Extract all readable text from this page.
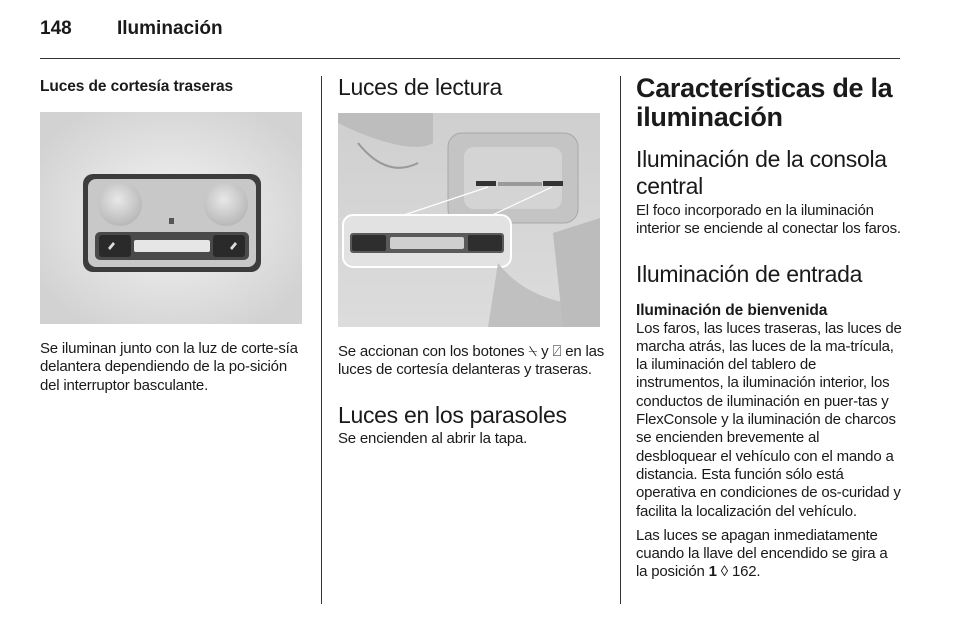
148 Iluminación
Luces de cortesía traseras

Se iluminan junto con la luz de corte-sía delantera dependiendo de la po-sición del interruptor basculante.

Luces de lectura

Se accionan con los botones ⍀ y ⍁ en las luces de cortesía delanteras y traseras.

Luces en los parasoles

Se encienden al abrir la tapa.

Características de la iluminación
Iluminación de la consola central

El foco incorporado en la iluminación interior se enciende al conectar los faros.

Iluminación de entrada
Iluminación de bienvenida

Los faros, las luces traseras, las luces de marcha atrás, las luces de la ma-trícula, la iluminación del tablero de instrumentos, la iluminación interior, los conductos de iluminación en puer-tas y FlexConsole y la iluminación de charcos se encienden brevemente al desbloquear el vehículo con el mando a distancia. Esta función sólo está operativa en condiciones de os-curidad y facilita la localización del vehículo.

Las luces se apagan inmediatamente cuando la llave del encendido se gira a la posición 1 ◊ 162.
